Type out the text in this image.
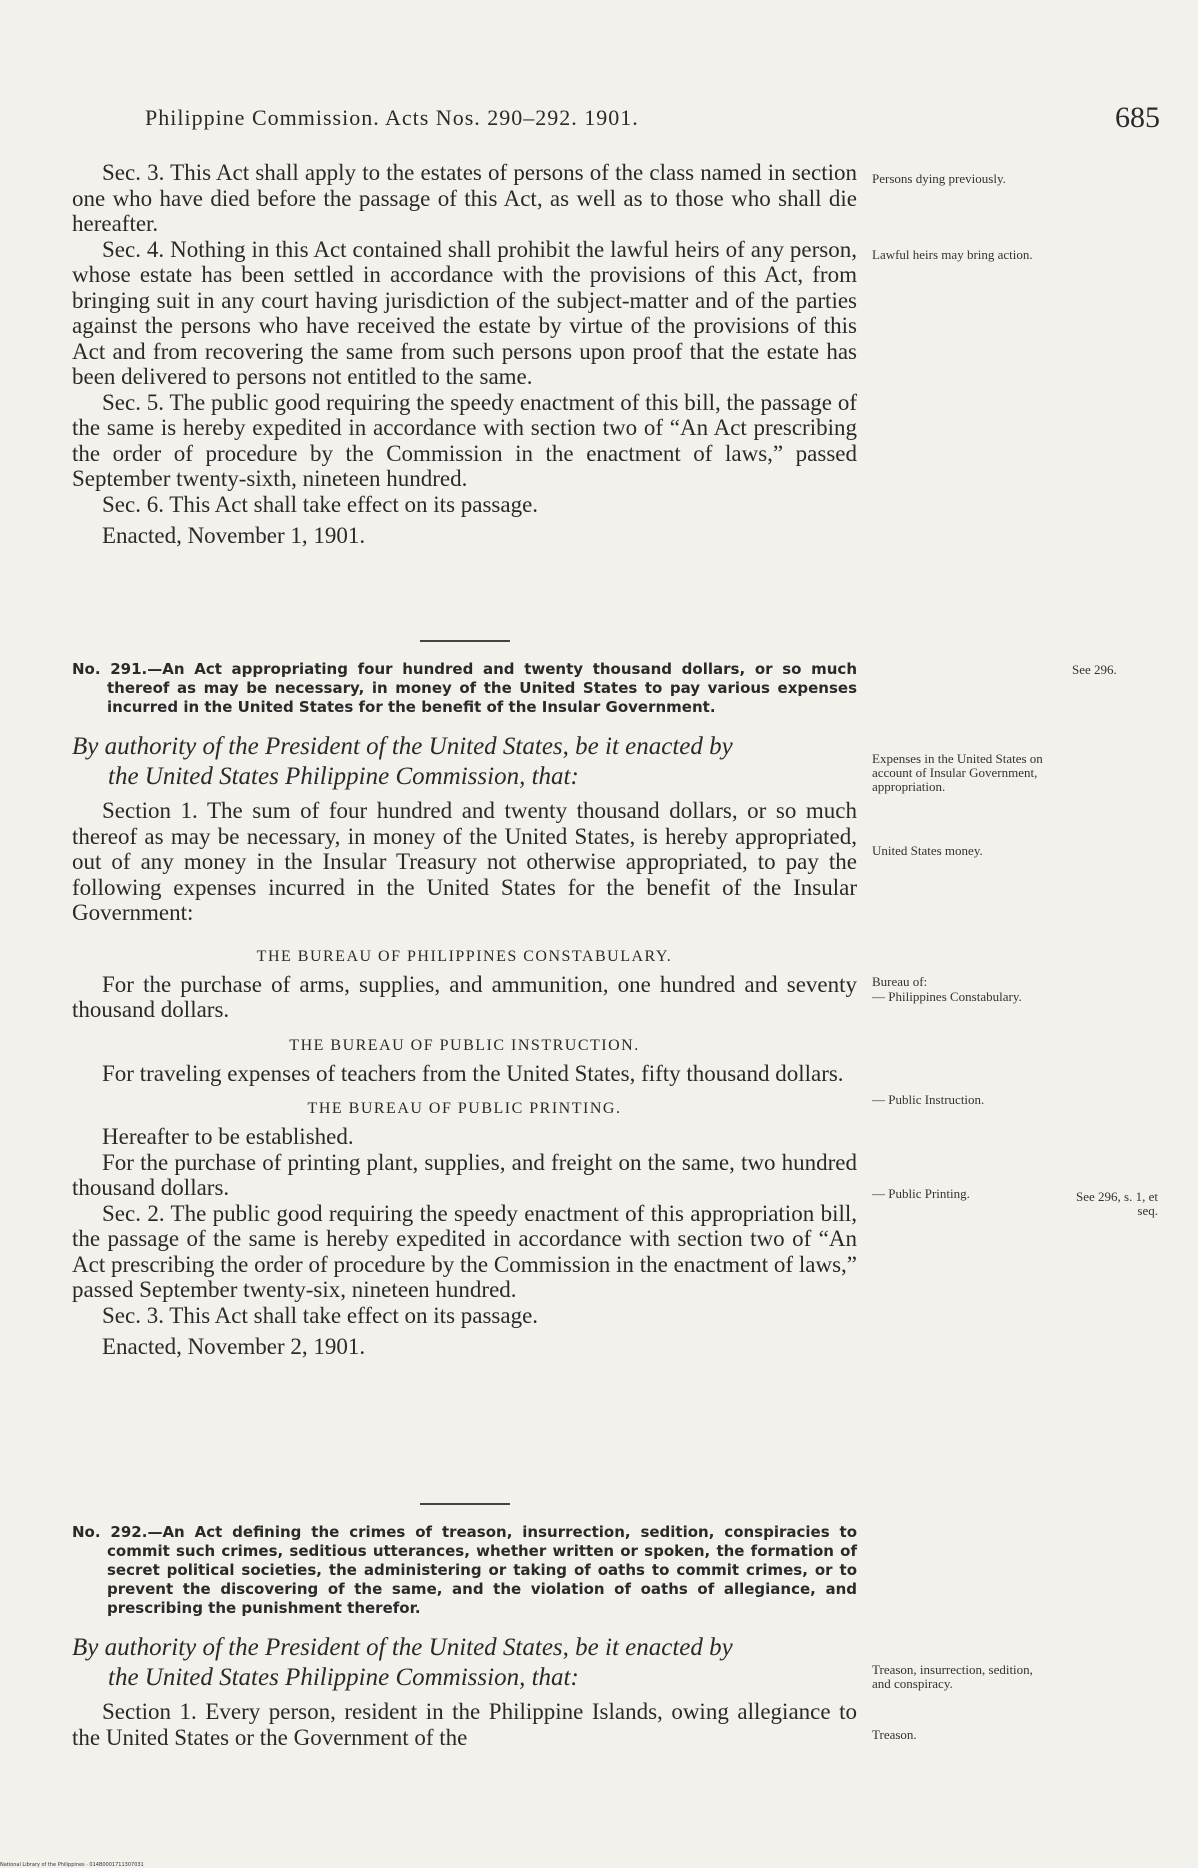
Philippine Commission. Acts Nos. 290–292. 1901.	685

Sec. 3. This Act shall apply to the estates of persons of the class named in section one who have died before the passage of this Act, as well as to those who shall die hereafter.

Sec. 4. Nothing in this Act contained shall prohibit the lawful heirs of any person, whose estate has been settled in accordance with the provisions of this Act, from bringing suit in any court having jurisdiction of the subject-matter and of the parties against the persons who have received the estate by virtue of the provisions of this Act and from recovering the same from such persons upon proof that the estate has been delivered to persons not entitled to the same.

Sec. 5. The public good requiring the speedy enactment of this bill, the passage of the same is hereby expedited in accordance with section two of “An Act prescribing the order of procedure by the Commission in the enactment of laws,” passed September twenty-sixth, nineteen hundred.

Sec. 6. This Act shall take effect on its passage.

Enacted, November 1, 1901.

No. 291.—An Act appropriating four hundred and twenty thousand dollars, or so much thereof as may be necessary, in money of the United States to pay various expenses incurred in the United States for the benefit of the Insular Government.

By authority of the President of the United States, be it enacted by
the United States Philippine Commission, that:

Section 1. The sum of four hundred and twenty thousand dollars, or so much thereof as may be necessary, in money of the United States, is hereby appropriated, out of any money in the Insular Treasury not otherwise appropriated, to pay the following expenses incurred in the United States for the benefit of the Insular Government:

THE BUREAU OF PHILIPPINES CONSTABULARY.

For the purchase of arms, supplies, and ammunition, one hundred and seventy thousand dollars.

THE BUREAU OF PUBLIC INSTRUCTION.

For traveling expenses of teachers from the United States, fifty thousand dollars.

THE BUREAU OF PUBLIC PRINTING.

Hereafter to be established.

For the purchase of printing plant, supplies, and freight on the same, two hundred thousand dollars.

Sec. 2. The public good requiring the speedy enactment of this appropriation bill, the passage of the same is hereby expedited in accordance with section two of “An Act prescribing the order of procedure by the Commission in the enactment of laws,” passed September twenty-six, nineteen hundred.

Sec. 3. This Act shall take effect on its passage.

Enacted, November 2, 1901.

No. 292.—An Act defining the crimes of treason, insurrection, sedition, conspiracies to commit such crimes, seditious utterances, whether written or spoken, the formation of secret political societies, the administering or taking of oaths to commit crimes, or to prevent the discovering of the same, and the violation of oaths of allegiance, and prescribing the punishment therefor.

By authority of the President of the United States, be it enacted by
the United States Philippine Commission, that:

Section 1. Every person, resident in the Philippine Islands, owing allegiance to the United States or the Government of the

Persons dying previously.
Lawful heirs may bring action.
Expenses in the United States on account of Insular Government, appropriation.
United States money.
Bureau of:
— Philippines Constabulary.
— Public Instruction.
— Public Printing.
Treason, insurrection, sedition, and conspiracy.
Treason.
See 296.
See 296, s. 1, et seq.
National Library of the Philippines · 014B0001711307031
